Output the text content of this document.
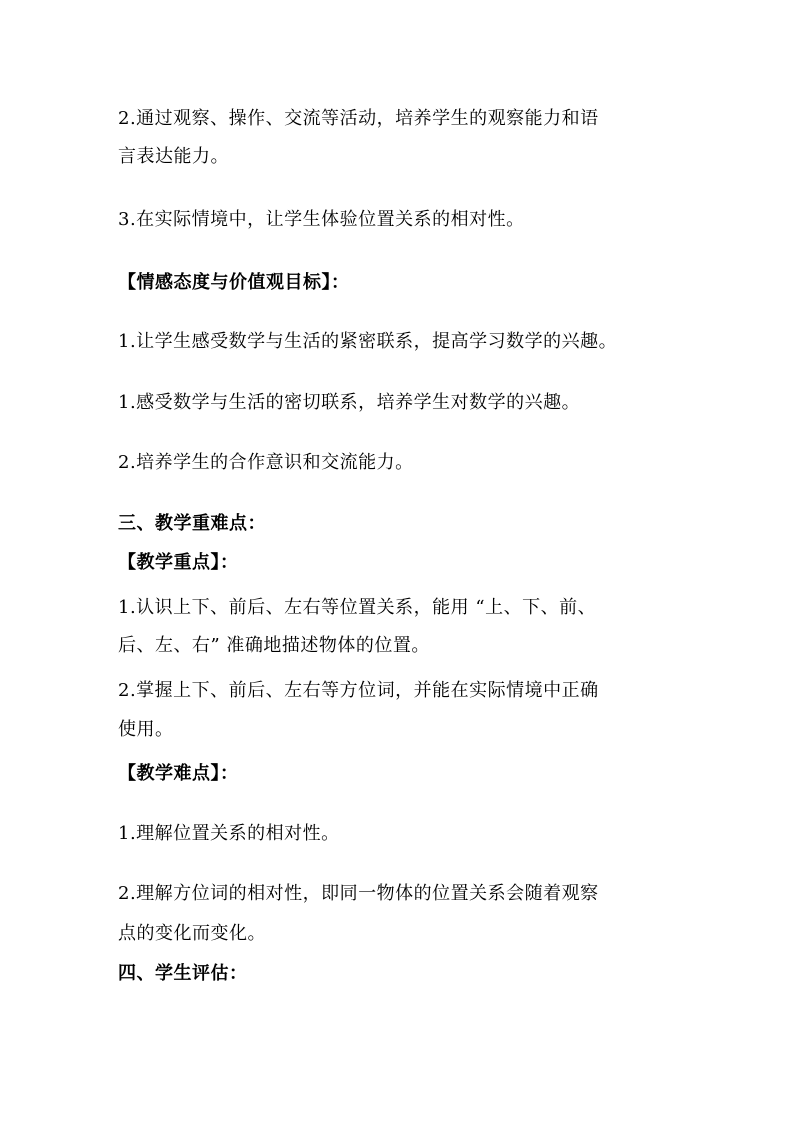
2.通过观察、操作、交流等活动，培养学生的观察能力和语
言表达能力。
3.在实际情境中，让学生体验位置关系的相对性。
【情感态度与价值观目标】：
1.让学生感受数学与生活的紧密联系，提高学习数学的兴趣。
1.感受数学与生活的密切联系，培养学生对数学的兴趣。
2.培养学生的合作意识和交流能力。
三、教学重难点：
【教学重点】：
1.认识上下、前后、左右等位置关系，能用 “上、下、前、
后、左、右” 准确地描述物体的位置。
2.掌握上下、前后、左右等方位词，并能在实际情境中正确
使用。
【教学难点】：
1.理解位置关系的相对性。
2.理解方位词的相对性，即同一物体的位置关系会随着观察
点的变化而变化。
四、学生评估：
